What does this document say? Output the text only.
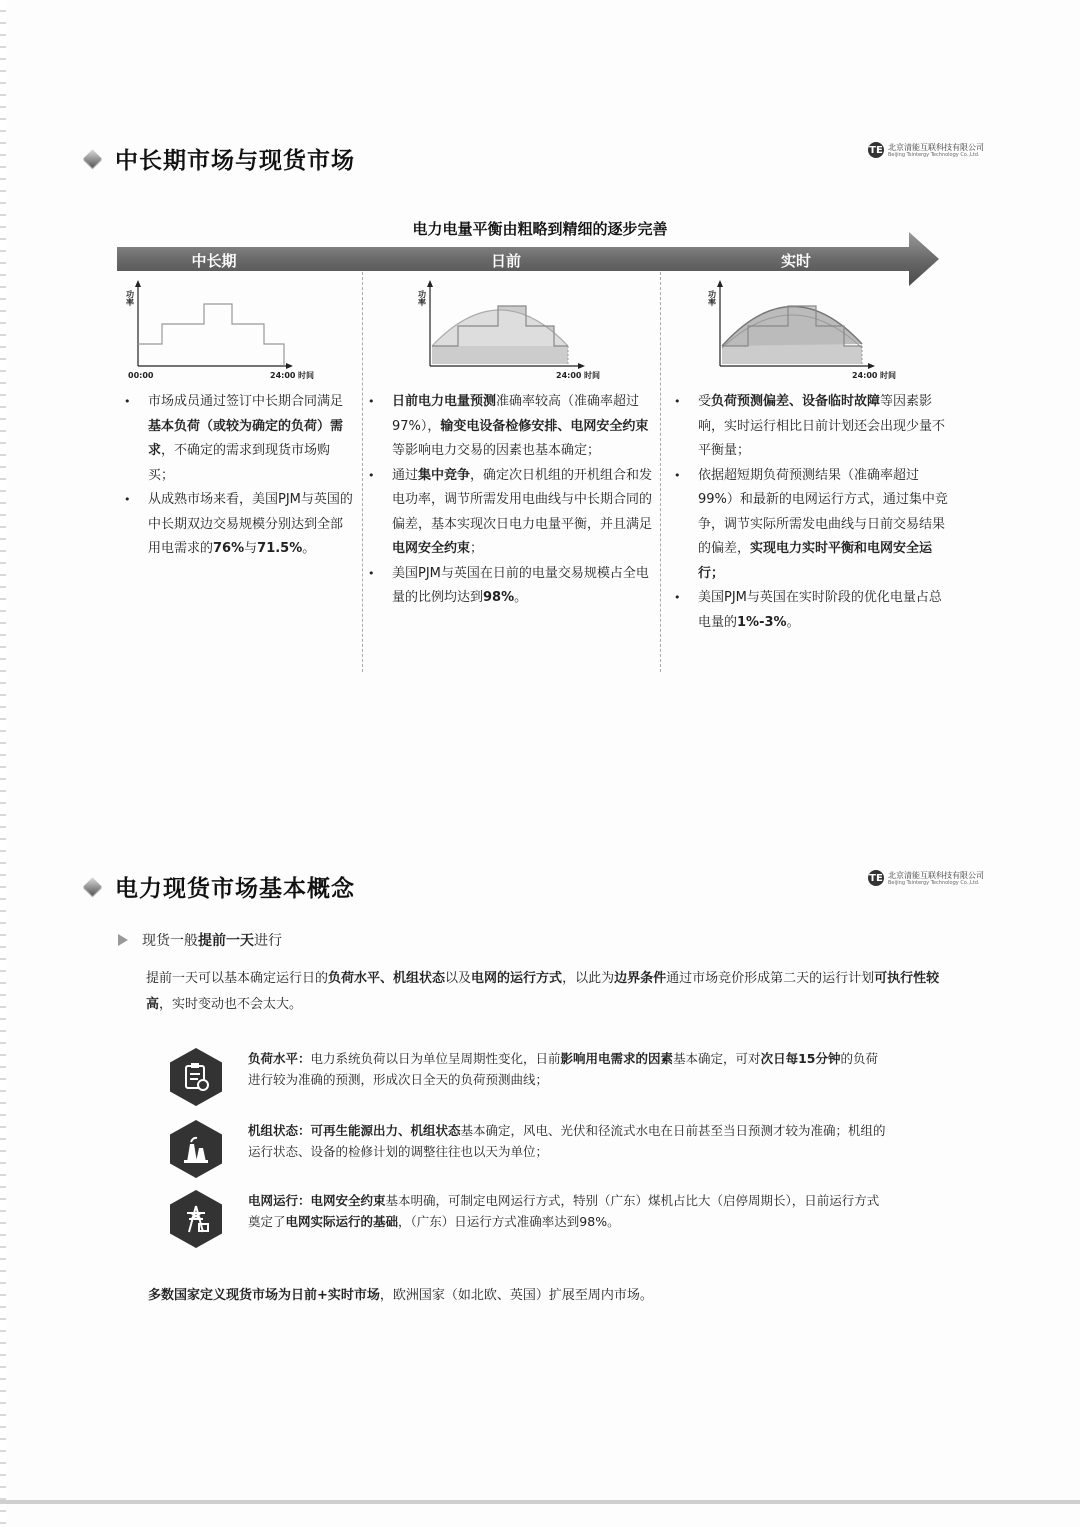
中长期市场与现货市场	TE 北京清能互联科技有限公司
Beijing Tsintergy Technology Co.,Ltd.
电力电量平衡由粗略到精细的逐步完善
中长期	日前	实时
功率
00:00	24:00 时间
功率
24:00 时间
功率
24:00 时间
• 市场成员通过签订中长期合同满足基本负荷（或较为确定的负荷）需求，不确定的需求到现货市场购买；
• 从成熟市场来看，美国PJM与英国的中长期双边交易规模分别达到全部用电需求的76%与71.5%。
• 日前电力电量预测准确率较高（准确率超过97%），输变电设备检修安排、电网安全约束等影响电力交易的因素也基本确定；
• 通过集中竞争，确定次日机组的开机组合和发电功率，调节所需发用电曲线与中长期合同的偏差，基本实现次日电力电量平衡，并且满足电网安全约束；
• 美国PJM与英国在日前的电量交易规模占全电量的比例均达到98%。
• 受负荷预测偏差、设备临时故障等因素影响，实时运行相比日前计划还会出现少量不平衡量；
• 依据超短期负荷预测结果（准确率超过99%）和最新的电网运行方式，通过集中竞争，调节实际所需发电曲线与日前交易结果的偏差，实现电力实时平衡和电网安全运行；
• 美国PJM与英国在实时阶段的优化电量占总电量的1%-3%。
电力现货市场基本概念	TE 北京清能互联科技有限公司
Beijing Tsintergy Technology Co.,Ltd.
现货一般 提前一天 进行
提前一天可以基本确定运行日的负荷水平、机组状态以及电网的运行方式，以此为边界条件通过市场竞价形成第二天的运行计划可执行性较高，实时变动也不会太大。
负荷水平：电力系统负荷以日为单位呈周期性变化，日前影响用电需求的因素基本确定，可对次日每15分钟的负荷进行较为准确的预测，形成次日全天的负荷预测曲线；
机组状态：可再生能源出力、机组状态基本确定，风电、光伏和径流式水电在日前甚至当日预测才较为准确；机组的运行状态、设备的检修计划的调整往往也以天为单位；
电网运行：电网安全约束基本明确，可制定电网运行方式，特别（广东）煤机占比大（启停周期长），日前运行方式奠定了电网实际运行的基础，（广东）日运行方式准确率达到98%。
多数国家定义现货市场为日前+实时市场，欧洲国家（如北欧、英国）扩展至周内市场。
